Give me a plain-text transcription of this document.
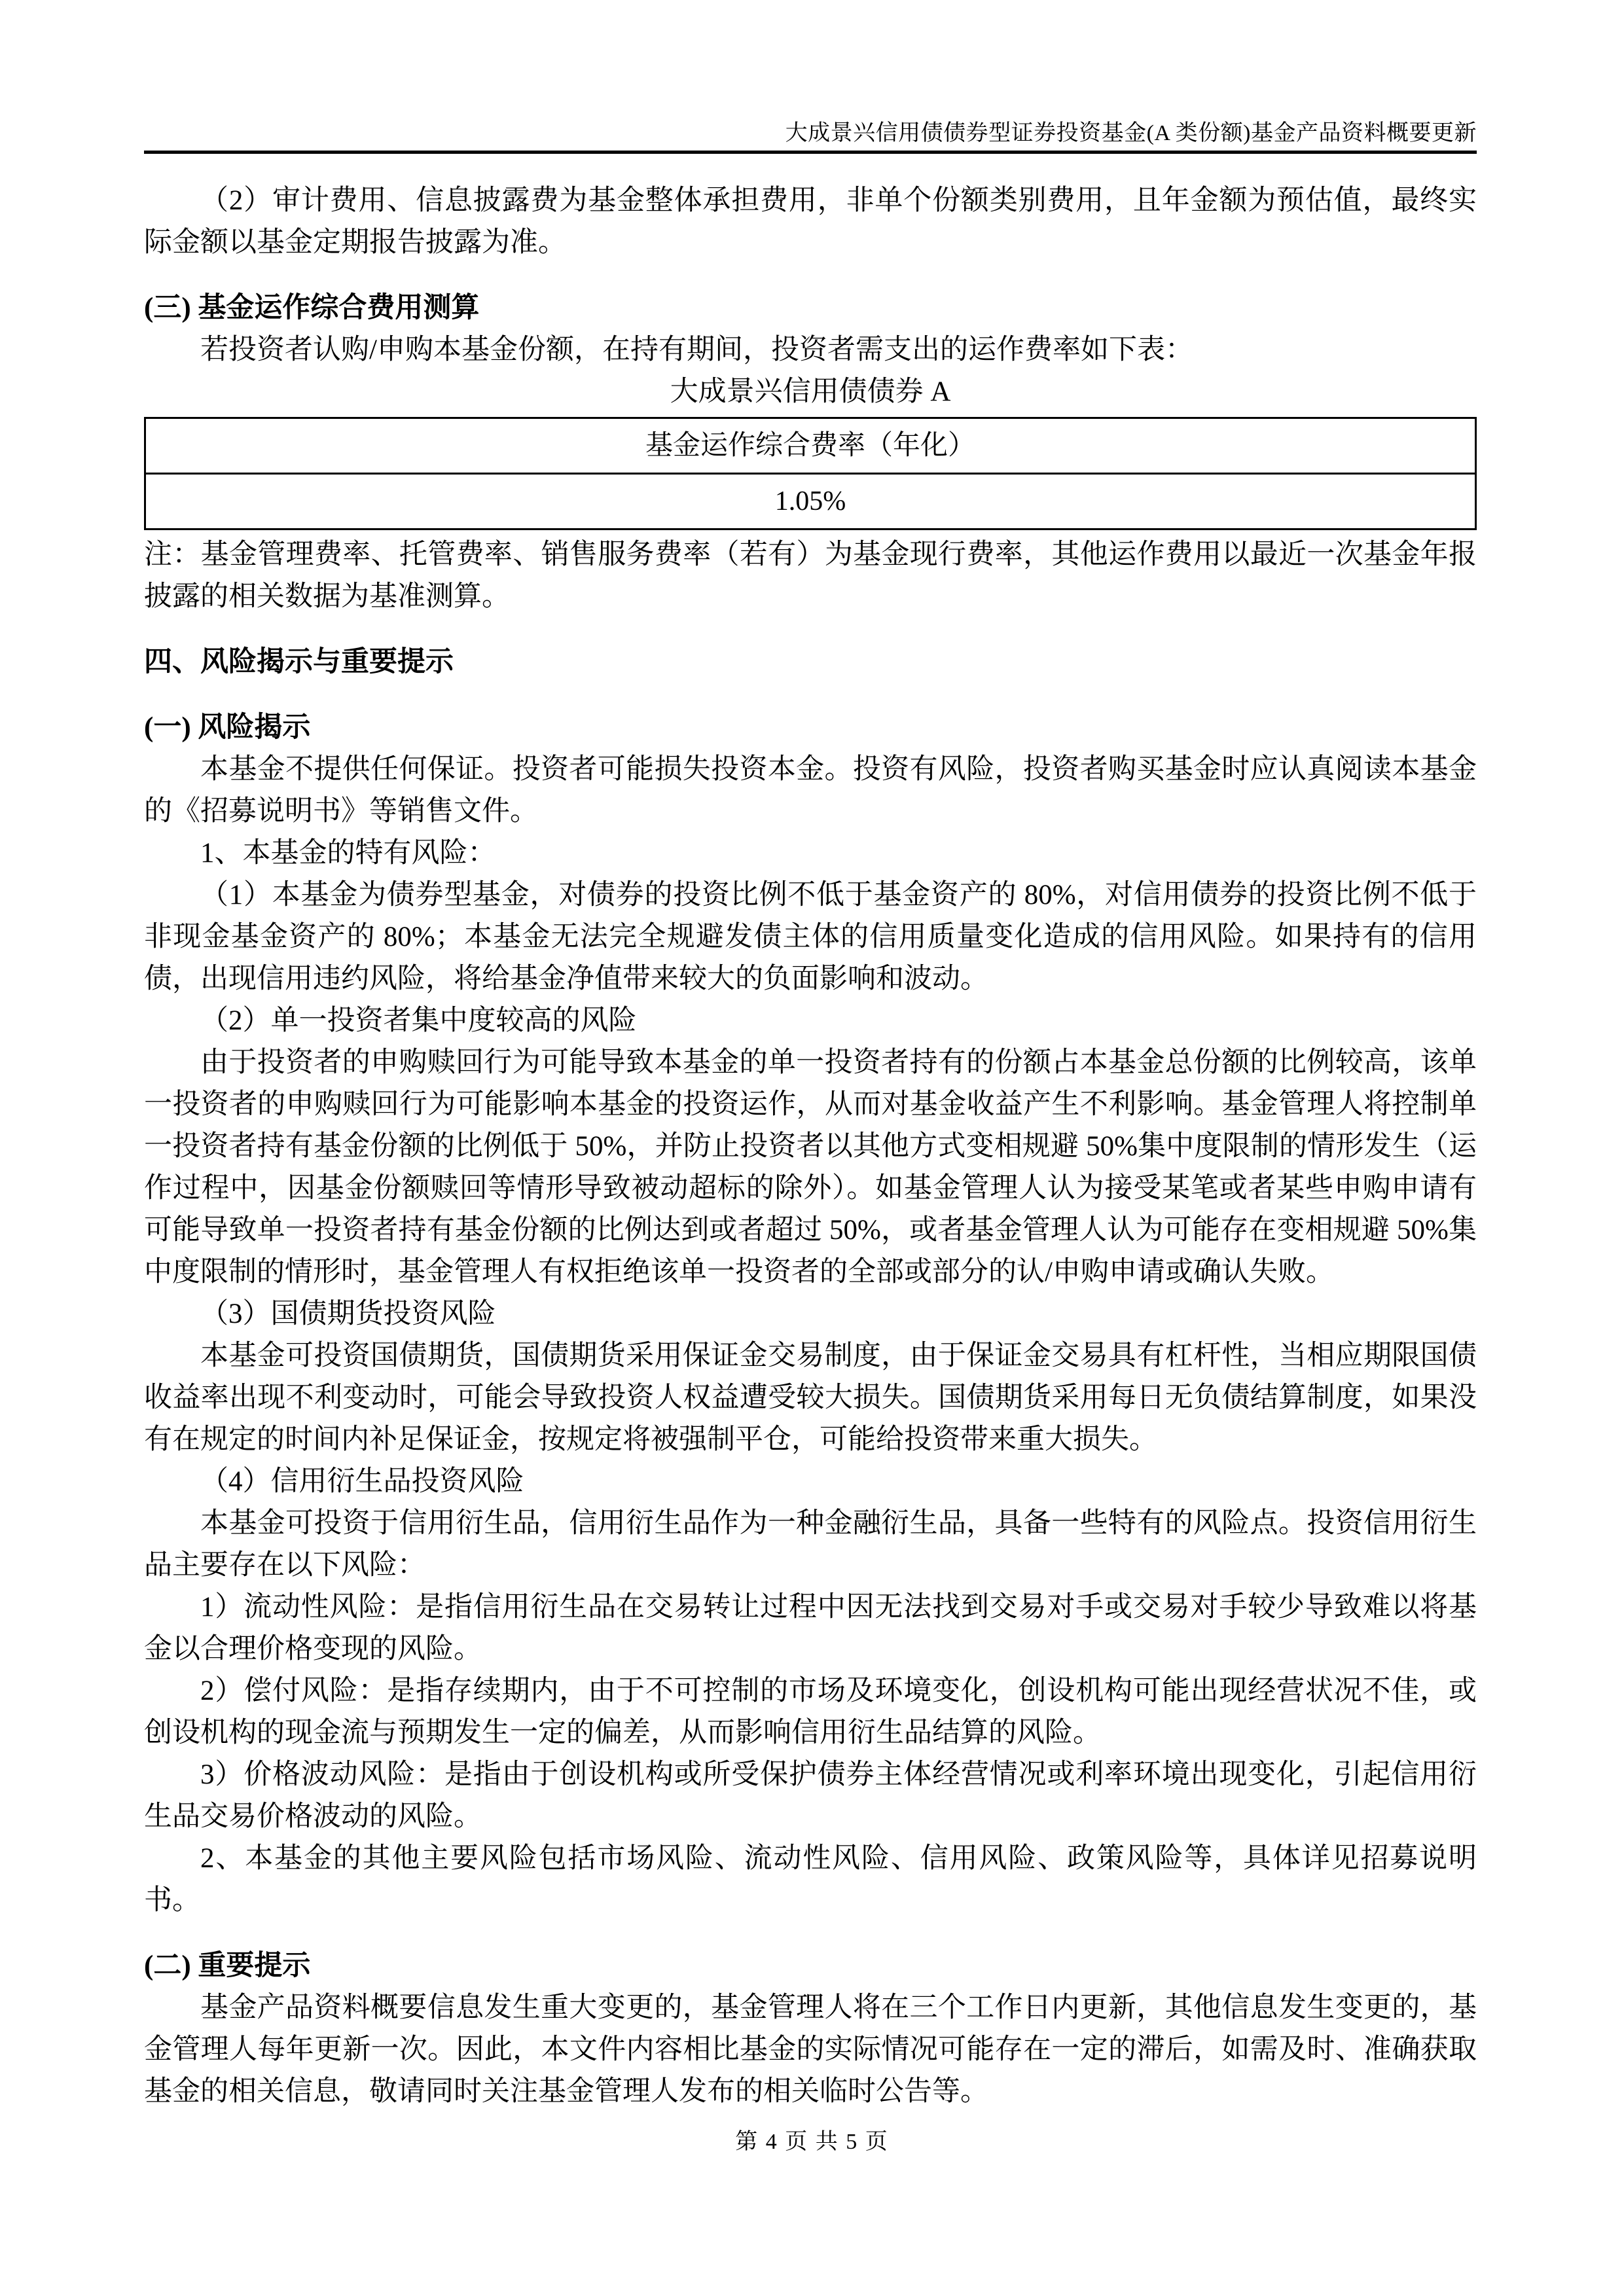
大成景兴信用债债券型证券投资基金(A 类份额)基金产品资料概要更新

（2）审计费用、信息披露费为基金整体承担费用，非单个份额类别费用，且年金额为预估值，最终实际金额以基金定期报告披露为准。

(三) 基金运作综合费用测算

若投资者认购/申购本基金份额，在持有期间，投资者需支出的运作费率如下表：

大成景兴信用债债券 A

基金运作综合费率（年化）
1.05%

注：基金管理费率、托管费率、销售服务费率（若有）为基金现行费率，其他运作费用以最近一次基金年报披露的相关数据为基准测算。

四、风险揭示与重要提示

(一) 风险揭示

本基金不提供任何保证。投资者可能损失投资本金。投资有风险，投资者购买基金时应认真阅读本基金的《招募说明书》等销售文件。

1、本基金的特有风险：

（1）本基金为债券型基金，对债券的投资比例不低于基金资产的 80%，对信用债券的投资比例不低于非现金基金资产的 80%；本基金无法完全规避发债主体的信用质量变化造成的信用风险。如果持有的信用债，出现信用违约风险，将给基金净值带来较大的负面影响和波动。

（2）单一投资者集中度较高的风险

由于投资者的申购赎回行为可能导致本基金的单一投资者持有的份额占本基金总份额的比例较高，该单一投资者的申购赎回行为可能影响本基金的投资运作，从而对基金收益产生不利影响。基金管理人将控制单一投资者持有基金份额的比例低于 50%，并防止投资者以其他方式变相规避 50%集中度限制的情形发生（运作过程中，因基金份额赎回等情形导致被动超标的除外）。如基金管理人认为接受某笔或者某些申购申请有可能导致单一投资者持有基金份额的比例达到或者超过 50%，或者基金管理人认为可能存在变相规避 50%集中度限制的情形时，基金管理人有权拒绝该单一投资者的全部或部分的认/申购申请或确认失败。

（3）国债期货投资风险

本基金可投资国债期货，国债期货采用保证金交易制度，由于保证金交易具有杠杆性，当相应期限国债收益率出现不利变动时，可能会导致投资人权益遭受较大损失。国债期货采用每日无负债结算制度，如果没有在规定的时间内补足保证金，按规定将被强制平仓，可能给投资带来重大损失。

（4）信用衍生品投资风险

本基金可投资于信用衍生品，信用衍生品作为一种金融衍生品，具备一些特有的风险点。投资信用衍生品主要存在以下风险：

1）流动性风险：是指信用衍生品在交易转让过程中因无法找到交易对手或交易对手较少导致难以将基金以合理价格变现的风险。

2）偿付风险：是指存续期内，由于不可控制的市场及环境变化，创设机构可能出现经营状况不佳，或创设机构的现金流与预期发生一定的偏差，从而影响信用衍生品结算的风险。

3）价格波动风险：是指由于创设机构或所受保护债券主体经营情况或利率环境出现变化，引起信用衍生品交易价格波动的风险。

2、本基金的其他主要风险包括市场风险、流动性风险、信用风险、政策风险等，具体详见招募说明书。

(二) 重要提示

基金产品资料概要信息发生重大变更的，基金管理人将在三个工作日内更新，其他信息发生变更的，基金管理人每年更新一次。因此，本文件内容相比基金的实际情况可能存在一定的滞后，如需及时、准确获取基金的相关信息，敬请同时关注基金管理人发布的相关临时公告等。

第 4 页 共 5 页
